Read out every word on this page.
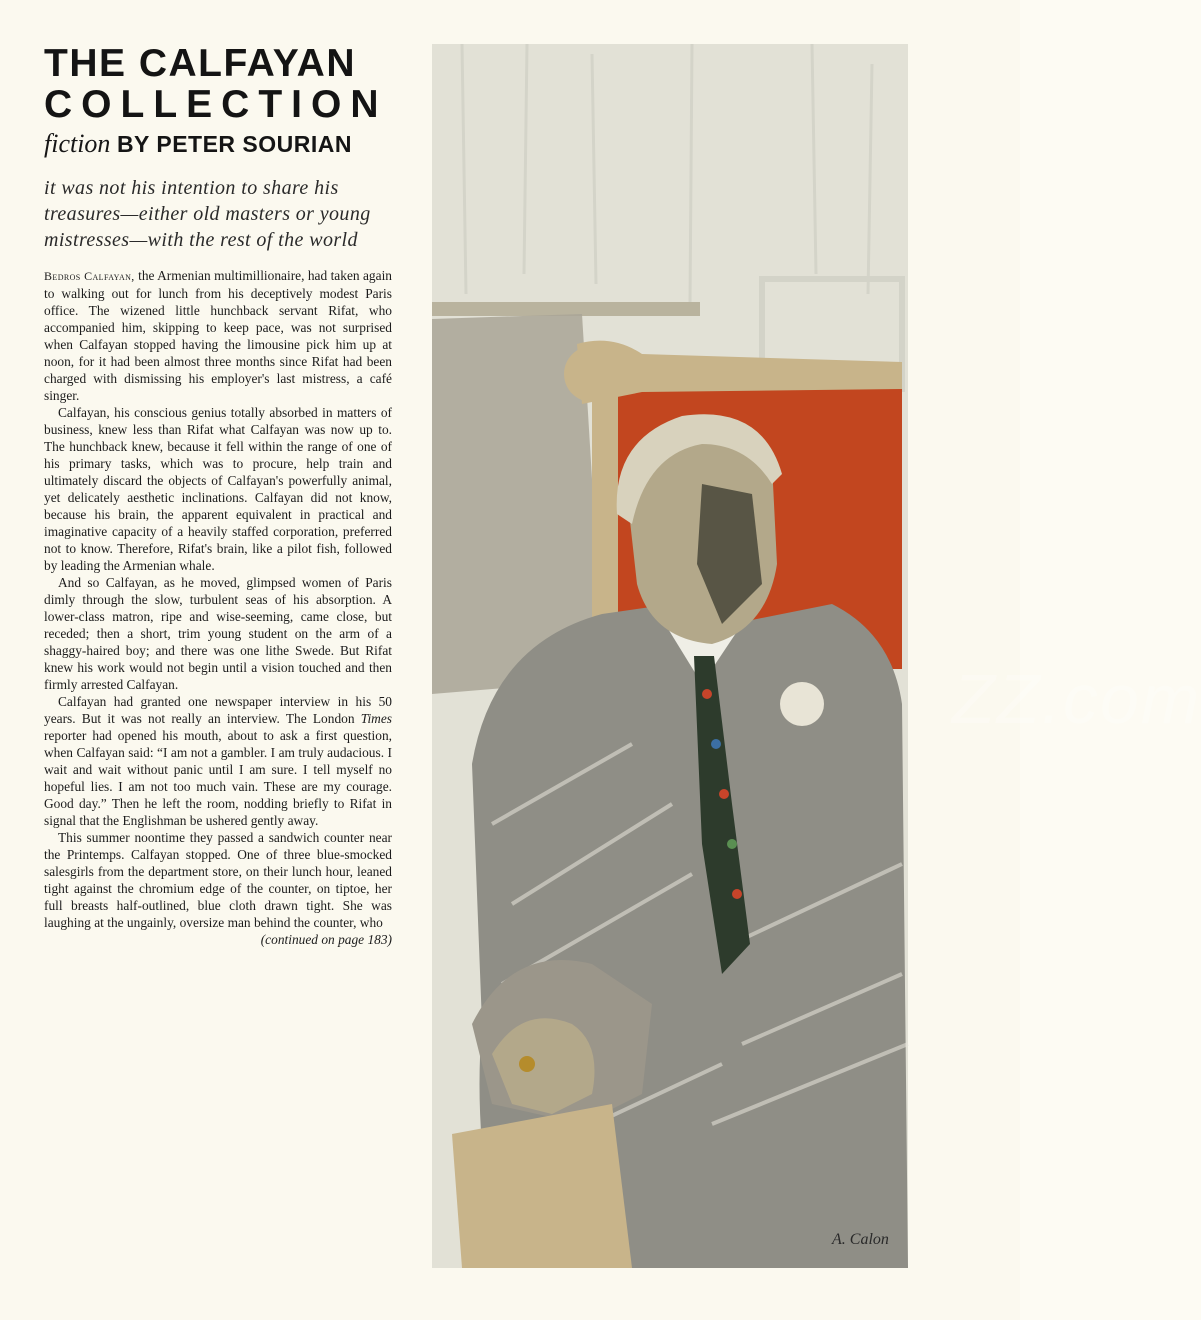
THE CALFAYAN
COLLECTION
fiction BY PETER SOURIAN
it was not his intention to share his treasures—either old masters or young mistresses—with the rest of the world

Bedros Calfayan, the Armenian multimillionaire, had taken again to walking out for lunch from his deceptively modest Paris office. The wizened little hunchback servant Rifat, who accompanied him, skipping to keep pace, was not surprised when Calfayan stopped having the limousine pick him up at noon, for it had been almost three months since Rifat had been charged with dismissing his employer's last mistress, a café singer.

Calfayan, his conscious genius totally absorbed in matters of business, knew less than Rifat what Calfayan was now up to. The hunchback knew, because it fell within the range of one of his primary tasks, which was to procure, help train and ultimately discard the objects of Calfayan's powerfully animal, yet delicately aesthetic inclinations. Calfayan did not know, because his brain, the apparent equivalent in practical and imaginative capacity of a heavily staffed corporation, preferred not to know. Therefore, Rifat's brain, like a pilot fish, followed by leading the Armenian whale.

And so Calfayan, as he moved, glimpsed women of Paris dimly through the slow, turbulent seas of his absorption. A lower-class matron, ripe and wise-seeming, came close, but receded; then a short, trim young student on the arm of a shaggy-haired boy; and there was one lithe Swede. But Rifat knew his work would not begin until a vision touched and then firmly arrested Calfayan.

Calfayan had granted one newspaper interview in his 50 years. But it was not really an interview. The London Times reporter had opened his mouth, about to ask a first question, when Calfayan said: “I am not a gambler. I am truly audacious. I wait and wait without panic until I am sure. I tell myself no hopeful lies. I am not too much vain. These are my courage. Good day.” Then he left the room, nodding briefly to Rifat in signal that the Englishman be ushered gently away.

This summer noontime they passed a sandwich counter near the Printemps. Calfayan stopped. One of three blue-smocked salesgirls from the department store, on their lunch hour, leaned tight against the chromium edge of the counter, on tiptoe, her full breasts half-outlined, blue cloth drawn tight. She was laughing at the ungainly, oversize man behind the counter, who
(continued on page 183)

A. Calon
ZZ.com
